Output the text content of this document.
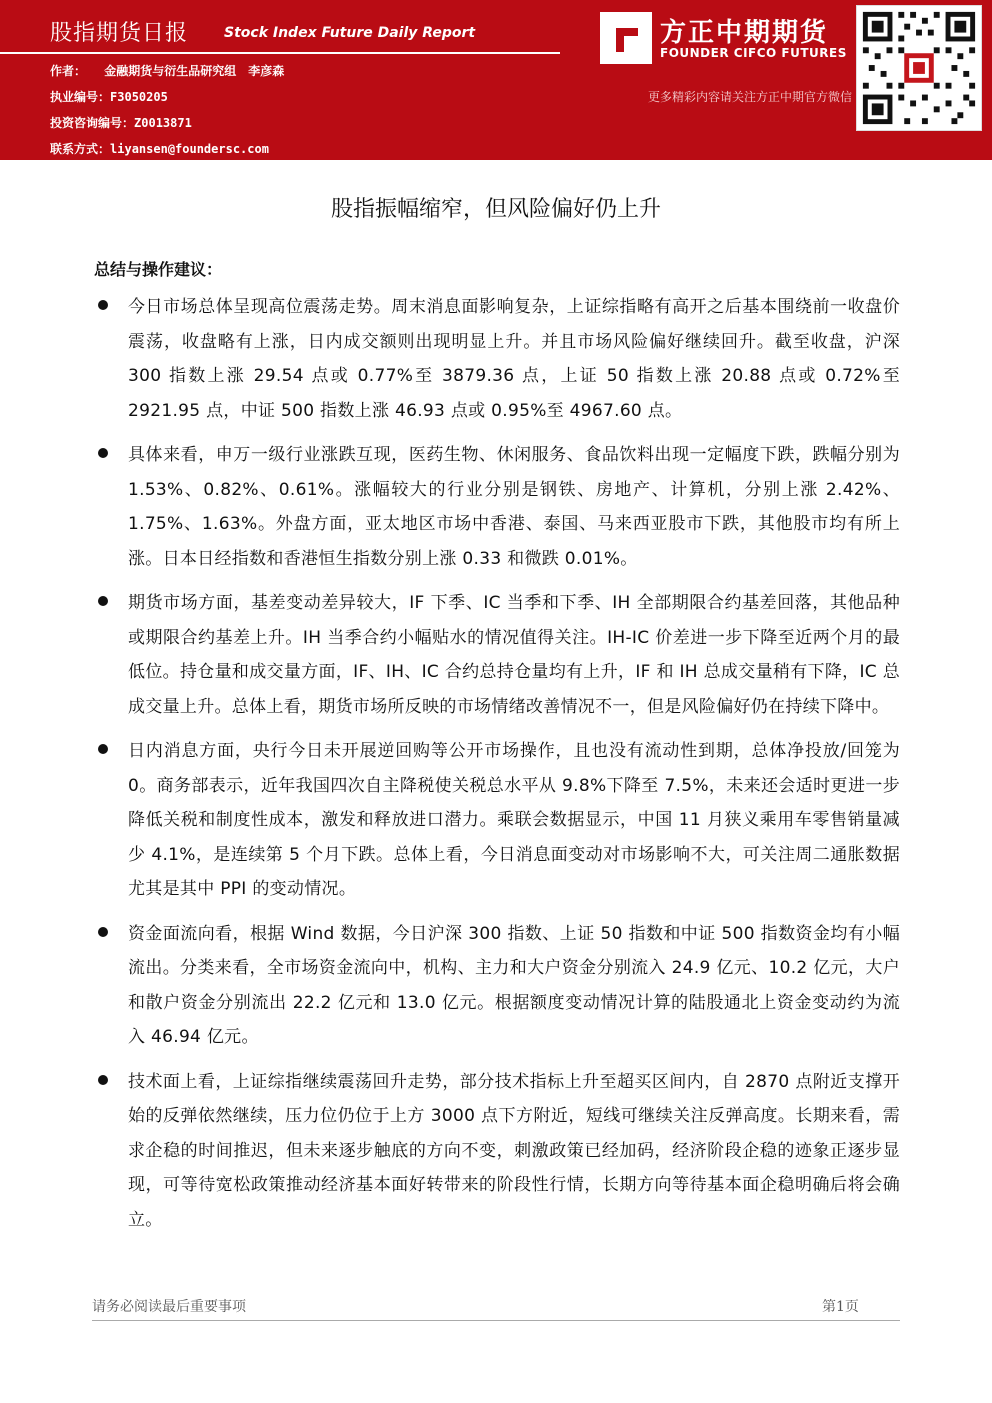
股指期货日报	Stock Index Future Daily Report
作者： 金融期货与衍生品研究组　李彦森
执业编号：F3050205
投资咨询编号：Z0013871
联系方式：liyansen@foundersc.com
方正中期期货
FOUNDER CIFCO FUTURES
更多精彩内容请关注方正中期官方微信
股指振幅缩窄，但风险偏好仍上升
总结与操作建议：
今日市场总体呈现高位震荡走势。周末消息面影响复杂，上证综指略有高开之后基本围绕前一收盘价震荡，收盘略有上涨，日内成交额则出现明显上升。并且市场风险偏好继续回升。截至收盘，沪深 300 指数上涨 29.54 点或 0.77%至 3879.36 点，上证 50 指数上涨 20.88 点或 0.72%至 2921.95 点，中证 500 指数上涨 46.93 点或 0.95%至 4967.60 点。
具体来看，申万一级行业涨跌互现，医药生物、休闲服务、食品饮料出现一定幅度下跌，跌幅分别为 1.53%、0.82%、0.61%。涨幅较大的行业分别是钢铁、房地产、计算机，分别上涨 2.42%、1.75%、1.63%。外盘方面，亚太地区市场中香港、泰国、马来西亚股市下跌，其他股市均有所上涨。日本日经指数和香港恒生指数分别上涨 0.33 和微跌 0.01%。
期货市场方面，基差变动差异较大，IF 下季、IC 当季和下季、IH 全部期限合约基差回落，其他品种或期限合约基差上升。IH 当季合约小幅贴水的情况值得关注。IH-IC 价差进一步下降至近两个月的最低位。持仓量和成交量方面，IF、IH、IC 合约总持仓量均有上升，IF 和 IH 总成交量稍有下降，IC 总成交量上升。总体上看，期货市场所反映的市场情绪改善情况不一，但是风险偏好仍在持续下降中。
日内消息方面，央行今日未开展逆回购等公开市场操作，且也没有流动性到期，总体净投放/回笼为 0。商务部表示，近年我国四次自主降税使关税总水平从 9.8%下降至 7.5%，未来还会适时更进一步降低关税和制度性成本，激发和释放进口潜力。乘联会数据显示，中国 11 月狭义乘用车零售销量减少 4.1%，是连续第 5 个月下跌。总体上看，今日消息面变动对市场影响不大，可关注周二通胀数据尤其是其中 PPI 的变动情况。
资金面流向看，根据 Wind 数据，今日沪深 300 指数、上证 50 指数和中证 500 指数资金均有小幅流出。分类来看，全市场资金流向中，机构、主力和大户资金分别流入 24.9 亿元、10.2 亿元，大户和散户资金分别流出 22.2 亿元和 13.0 亿元。根据额度变动情况计算的陆股通北上资金变动约为流入 46.94 亿元。
技术面上看，上证综指继续震荡回升走势，部分技术指标上升至超买区间内，自 2870 点附近支撑开始的反弹依然继续，压力位仍位于上方 3000 点下方附近，短线可继续关注反弹高度。长期来看，需求企稳的时间推迟，但未来逐步触底的方向不变，刺激政策已经加码，经济阶段企稳的迹象正逐步显现，可等待宽松政策推动经济基本面好转带来的阶段性行情，长期方向等待基本面企稳明确后将会确立。
请务必阅读最后重要事项	第1页
